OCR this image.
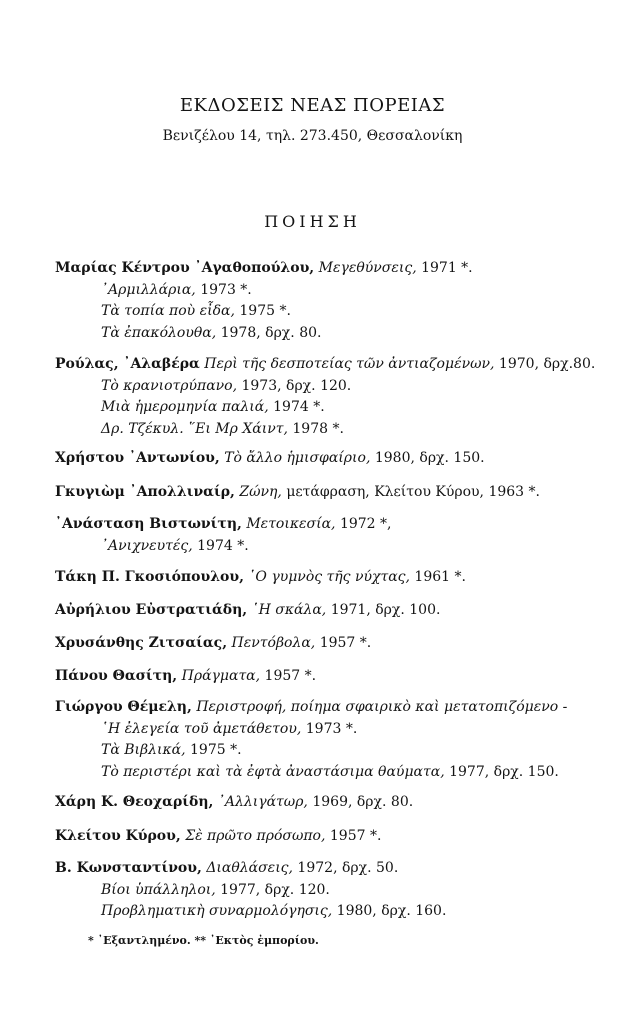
ΕΚΔΟΣΕΙΣ ΝΕΑΣ ΠΟΡΕΙΑΣ
Βενιζέλου 14, τηλ. 273.450, Θεσσαλονίκη
ΠΟΙΗΣΗ
Μαρίας Κέντρου ᾿Αγαθοπούλου, Μεγεθύνσεις, 1971 *.
᾿Αρμιλλάρια, 1973 *.
Τὰ τοπία ποὺ εἶδα, 1975 *.
Τὰ ἐπακόλουθα, 1978, δρχ. 80.
Ρούλας, ᾿Αλαβέρα Περὶ τῆς δεσποτείας τῶν ἀντιαζομένων, 1970, δρχ.80.
Τὸ κρανιοτρύπανο, 1973, δρχ. 120.
Μιὰ ἡμερομηνία παλιά, 1974 *.
Δρ. Τζέκυλ. ῞Ει Μρ Χάιντ, 1978 *.
Χρήστου ᾿Αντωνίου, Τὸ ἄλλο ἡμισφαίριο, 1980, δρχ. 150.
Γκυγιὼμ ᾿Απολλιναίρ, Ζώνη, μετάφραση, Κλείτου Κύρου, 1963 *.
᾿Ανάσταση Βιστωνίτη, Μετοικεσία, 1972 *,
᾿Ανιχνευτές, 1974 *.
Τάκη Π. Γκοσιόπουλου, ῾Ο γυμνὸς τῆς νύχτας, 1961 *.
Αὐρήλιου Εὐστρατιάδη, ῾Η σκάλα, 1971, δρχ. 100.
Χρυσάνθης Ζιτσαίας, Πεντόβολα, 1957 *.
Πάνου Θασίτη, Πράγματα, 1957 *.
Γιώργου Θέμελη, Περιστροφή, ποίημα σφαιρικὸ καὶ μετατοπιζόμενο -
῾Η ἐλεγεία τοῦ ἀμετάθετου, 1973 *.
Τὰ Βιβλικά, 1975 *.
Τὸ περιστέρι καὶ τὰ ἐφτὰ ἀναστάσιμα θαύματα, 1977, δρχ. 150.
Χάρη Κ. Θεοχαρίδη, ᾿Αλλιγάτωρ, 1969, δρχ. 80.
Κλείτου Κύρου, Σὲ πρῶτο πρόσωπο, 1957 *.
Β. Κωνσταντίνου, Διαθλάσεις, 1972, δρχ. 50.
Βίοι ὑπάλληλοι, 1977, δρχ. 120.
Προβληματικὴ συναρμολόγησις, 1980, δρχ. 160.
* ᾿Εξαντλημένο. ** ᾿Εκτὸς ἐμπορίου.
